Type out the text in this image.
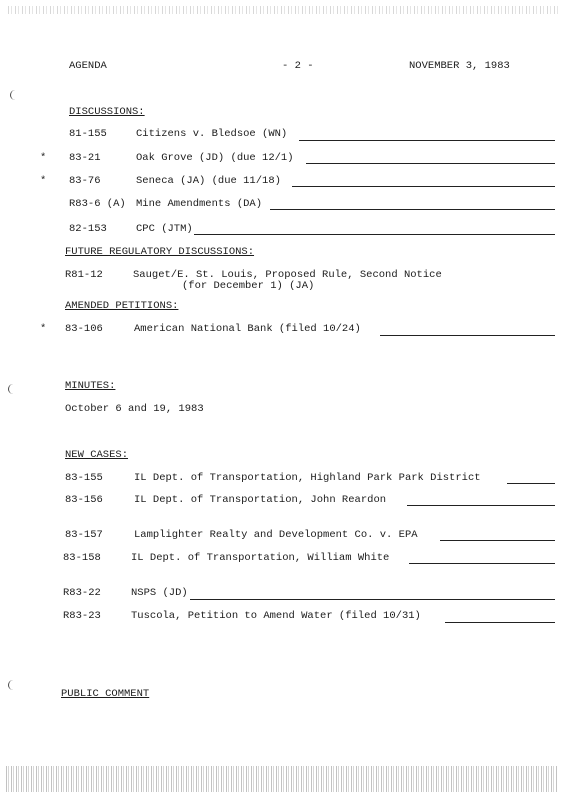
AGENDA	- 2 -	NOVEMBER 3, 1983
DISCUSSIONS:
81-155	Citizens v. Bledsoe (WN)
* 83-21	Oak Grove (JD) (due 12/1)
* 83-76	Seneca (JA) (due 11/18)
R83-6 (A) Mine Amendments (DA)
82-153	CPC (JTM)
FUTURE REGULATORY DISCUSSIONS:
R81-12	Sauget/E. St. Louis, Proposed Rule, Second Notice
(for December 1) (JA)
AMENDED PETITIONS:
* 83-106	American National Bank (filed 10/24)
MINUTES:
October 6 and 19, 1983
NEW CASES:
83-155	IL Dept. of Transportation, Highland Park Park District
83-156	IL Dept. of Transportation, John Reardon
83-157	Lamplighter Realty and Development Co. v. EPA
83-158	IL Dept. of Transportation, William White
R83-22	NSPS (JD)
R83-23	Tuscola, Petition to Amend Water (filed 10/31)
PUBLIC COMMENT
